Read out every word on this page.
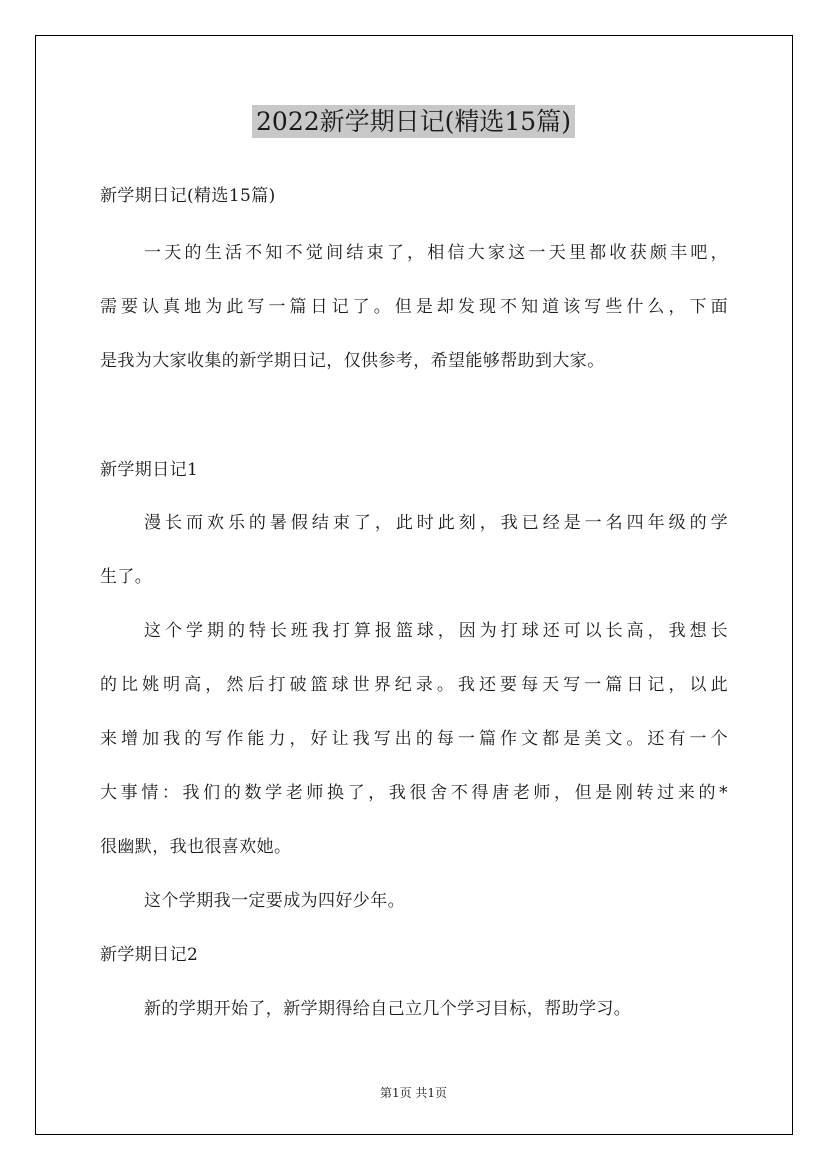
2022新学期日记(精选15篇)
新学期日记(精选15篇)
一天的生活不知不觉间结束了，相信大家这一天里都收获颇丰吧，
需要认真地为此写一篇日记了。但是却发现不知道该写些什么，下面
是我为大家收集的新学期日记，仅供参考，希望能够帮助到大家。
新学期日记1
漫长而欢乐的暑假结束了，此时此刻，我已经是一名四年级的学
生了。
这个学期的特长班我打算报篮球，因为打球还可以长高，我想长
的比姚明高，然后打破篮球世界纪录。我还要每天写一篇日记，以此
来增加我的写作能力，好让我写出的每一篇作文都是美文。还有一个
大事情：我们的数学老师换了，我很舍不得唐老师，但是刚转过来的*
很幽默，我也很喜欢她。
这个学期我一定要成为四好少年。
新学期日记2
新的学期开始了，新学期得给自己立几个学习目标，帮助学习。
第1页 共1页
